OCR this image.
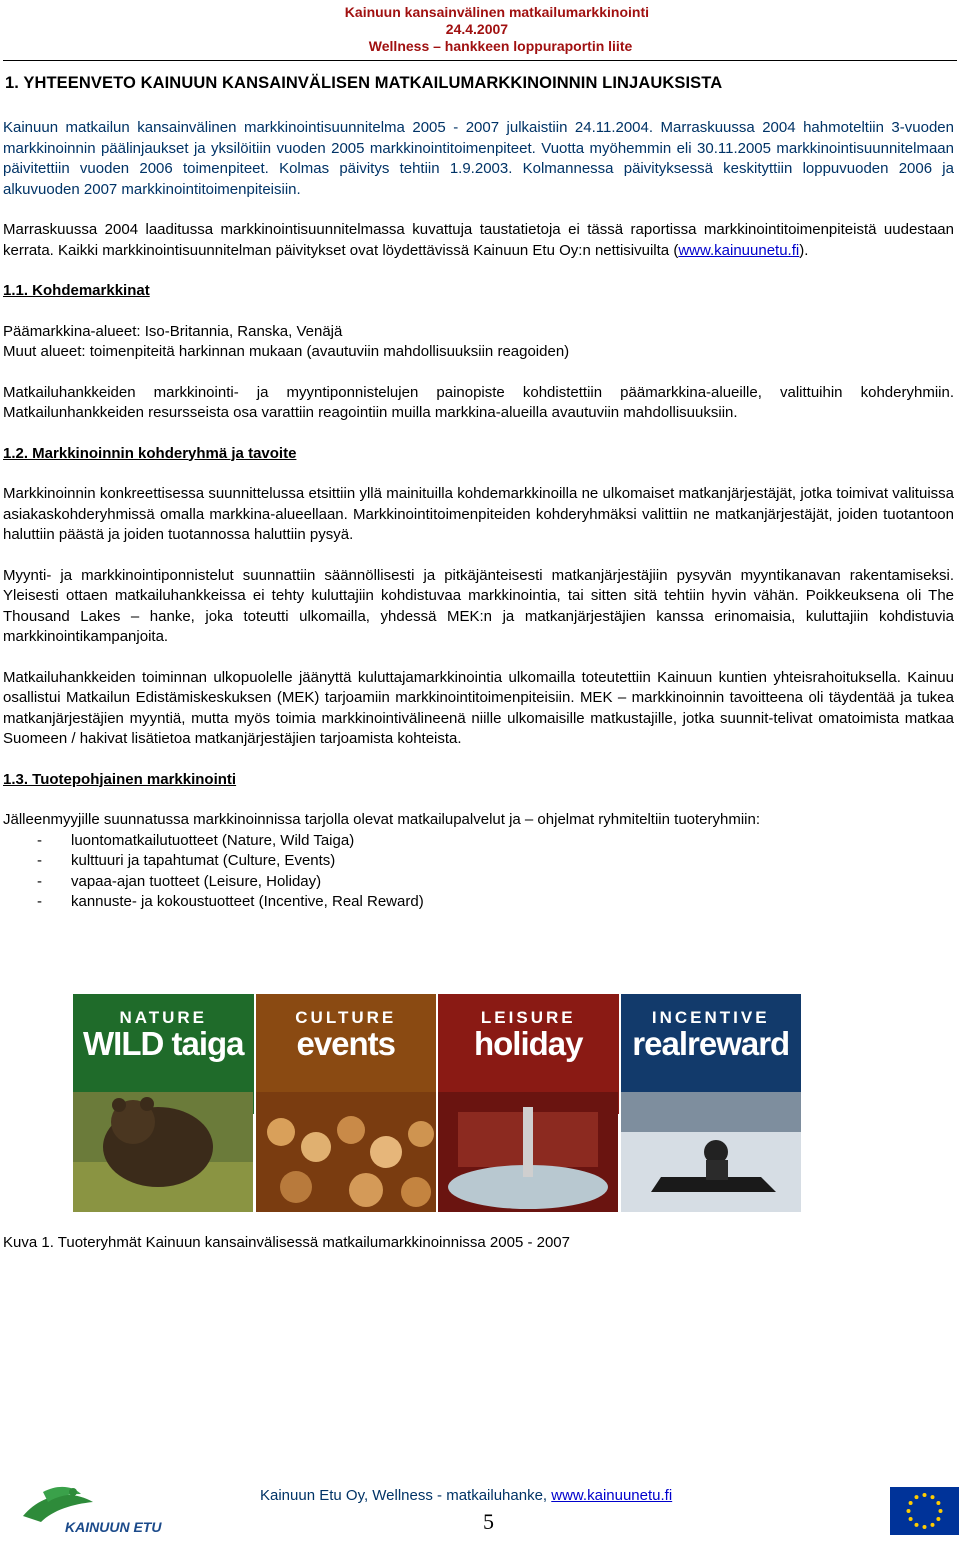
Kainuun kansainvälinen matkailumarkkinointi
24.4.2007
Wellness – hankkeen loppuraportin liite
1. YHTEENVETO KAINUUN KANSAINVÄLISEN MATKAILUMARKKINOINNIN LINJAUKSISTA

Kainuun matkailun kansainvälinen markkinointisuunnitelma 2005 - 2007 julkaistiin 24.11.2004. Marraskuussa 2004 hahmoteltiin 3-vuoden markkinoinnin päälinjaukset ja yksilöitiin vuoden 2005 markkinointitoimenpiteet. Vuotta myöhemmin eli 30.11.2005 markkinointisuunnitelmaan päivitettiin vuoden 2006 toimenpiteet. Kolmas päivitys tehtiin 1.9.2003. Kolmannessa päivityksessä keskityttiin loppuvuoden 2006 ja alkuvuoden 2007 markkinointitoimenpiteisiin.

Marraskuussa 2004 laaditussa markkinointisuunnitelmassa kuvattuja taustatietoja ei tässä raportissa markkinointitoimenpiteistä uudestaan kerrata. Kaikki markkinointisuunnitelman päivitykset ovat löydettävissä Kainuun Etu Oy:n nettisivuilta (www.kainuunetu.fi).

1.1. Kohdemarkkinat

Päämarkkina-alueet: Iso-Britannia, Ranska, Venäjä

Muut alueet: toimenpiteitä harkinnan mukaan (avautuviin mahdollisuuksiin reagoiden)

Matkailuhankkeiden markkinointi- ja myyntiponnistelujen painopiste kohdistettiin päämarkkina-alueille, valittuihin kohderyhmiin. Matkailunhankkeiden resursseista osa varattiin reagointiin muilla markkina-alueilla avautuviin mahdollisuuksiin.

1.2. Markkinoinnin kohderyhmä ja tavoite

Markkinoinnin konkreettisessa suunnittelussa etsittiin yllä mainituilla kohdemarkkinoilla ne ulkomaiset matkanjärjestäjät, jotka toimivat valituissa asiakaskohderyhmissä omalla markkina-alueellaan. Markkinointitoimenpiteiden kohderyhmäksi valittiin ne matkanjärjestäjät, joiden tuotantoon haluttiin päästä ja joiden tuotannossa haluttiin pysyä.

Myynti- ja markkinointiponnistelut suunnattiin säännöllisesti ja pitkäjänteisesti matkanjärjestäjiin pysyvän myyntikanavan rakentamiseksi. Yleisesti ottaen matkailuhankkeissa ei tehty kuluttajiin kohdistuvaa markkinointia, tai sitten sitä tehtiin hyvin vähän. Poikkeuksena oli The Thousand Lakes – hanke, joka toteutti ulkomailla, yhdessä MEK:n ja matkanjärjestäjien kanssa erinomaisia, kuluttajiin kohdistuvia markkinointikampanjoita.

Matkailuhankkeiden toiminnan ulkopuolelle jäänyttä kuluttajamarkkinointia ulkomailla toteutettiin Kainuun kuntien yhteisrahoituksella. Kainuu osallistui Matkailun Edistämiskeskuksen (MEK) tarjoamiin markkinointitoimenpiteisiin. MEK – markkinoinnin tavoitteena oli täydentää ja tukea matkanjärjestäjien myyntiä, mutta myös toimia markkinointivälineenä niille ulkomaisille matkustajille, jotka suunnit-telivat omatoimista matkaa Suomeen / hakivat lisätietoa matkanjärjestäjien tarjoamista kohteista.

1.3. Tuotepohjainen markkinointi

Jälleenmyyjille suunnatussa markkinoinnissa tarjolla olevat matkailupalvelut ja – ohjelmat ryhmiteltiin tuoteryhmiin:

-	luontomatkailutuotteet (Nature, Wild Taiga)
-	kulttuuri ja tapahtumat (Culture, Events)
-	vapaa-ajan tuotteet (Leisure, Holiday)
-	kannuste- ja kokoustuotteet (Incentive, Real Reward)
NATURE
WILD taiga
CULTURE
events
LEISURE
holiday
INCENTIVE
realreward
Kuva 1. Tuoteryhmät Kainuun kansainvälisessä matkailumarkkinoinnissa 2005 - 2007
KAINUUN ETU
Kainuun Etu Oy, Wellness - matkailuhanke, www.kainuunetu.fi
5
